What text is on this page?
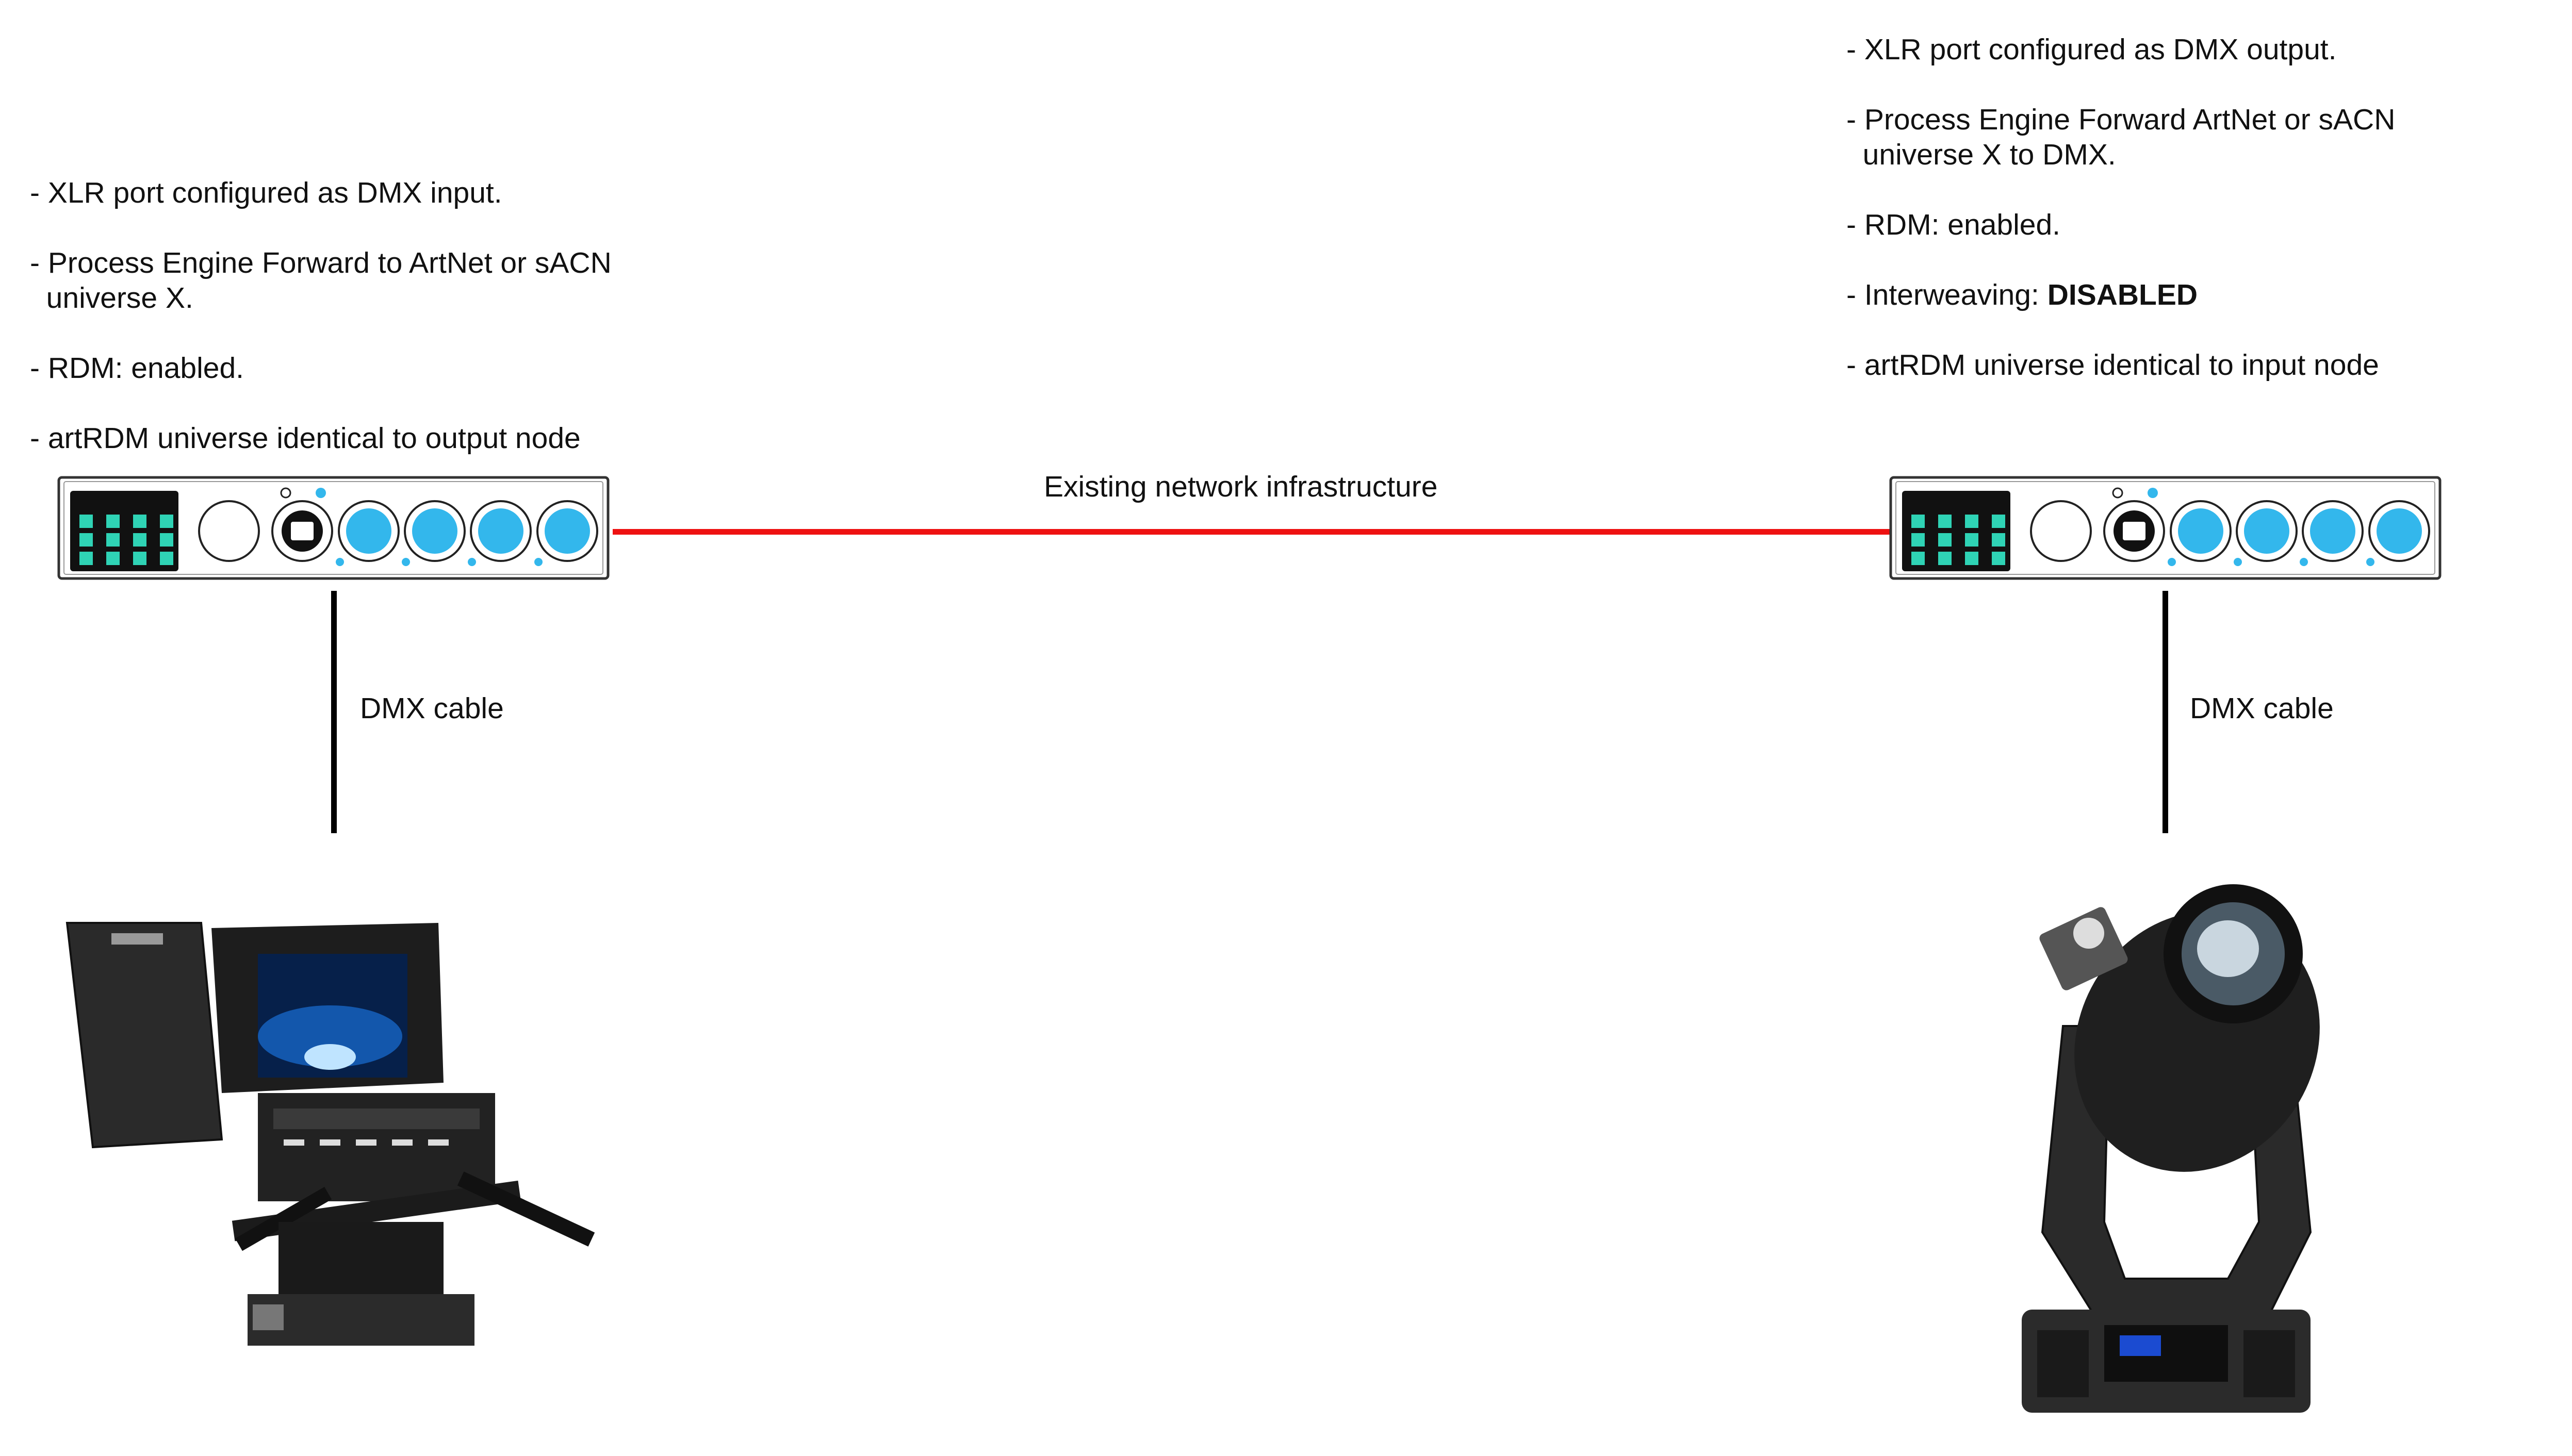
- XLR port configured as DMX input.

- Process Engine Forward to ArtNet or sACN
universe X.

- RDM: enabled.

- artRDM universe identical to output node

- XLR port configured as DMX output.

- Process Engine Forward ArtNet or sACN
universe X to DMX.

- RDM: enabled.

- Interweaving: DISABLED

- artRDM universe identical to input node

Existing network infrastructure
DMX cable	DMX cable
